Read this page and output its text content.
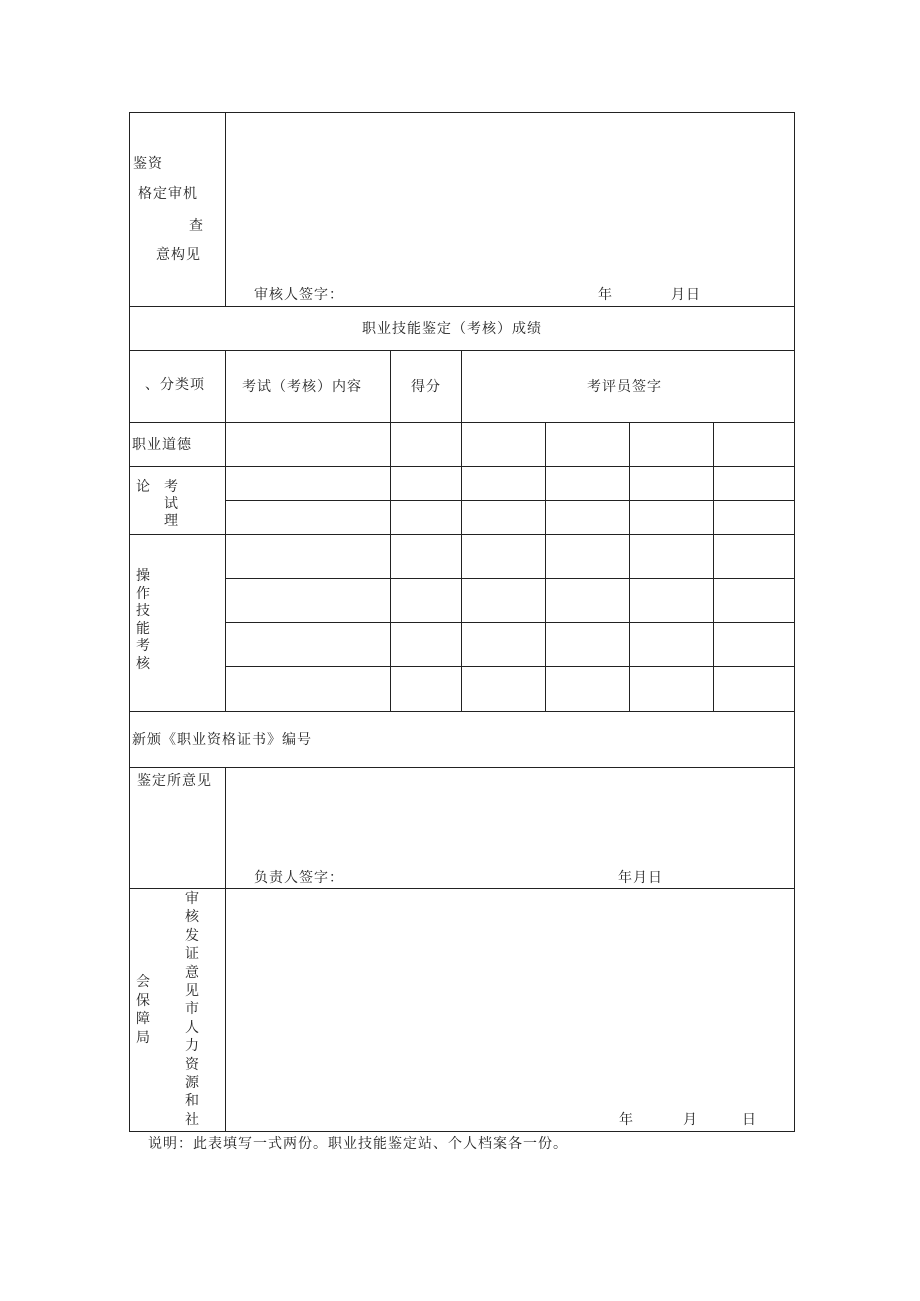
鉴资
格定审机
查
意构见
审核人签字：	年	月日
职业技能鉴定（考核）成绩
、分类项	考试（考核）内容	得分	考评员签字
职业道德
论 考试理
操作技能考核
新颁《职业资格证书》编号
鉴定所意见
负责人签字：	年月日
会保障局
审核发证意见市人力资源和社	年	月	日
说明：此表填写一式两份。职业技能鉴定站、个人档案各一份。
